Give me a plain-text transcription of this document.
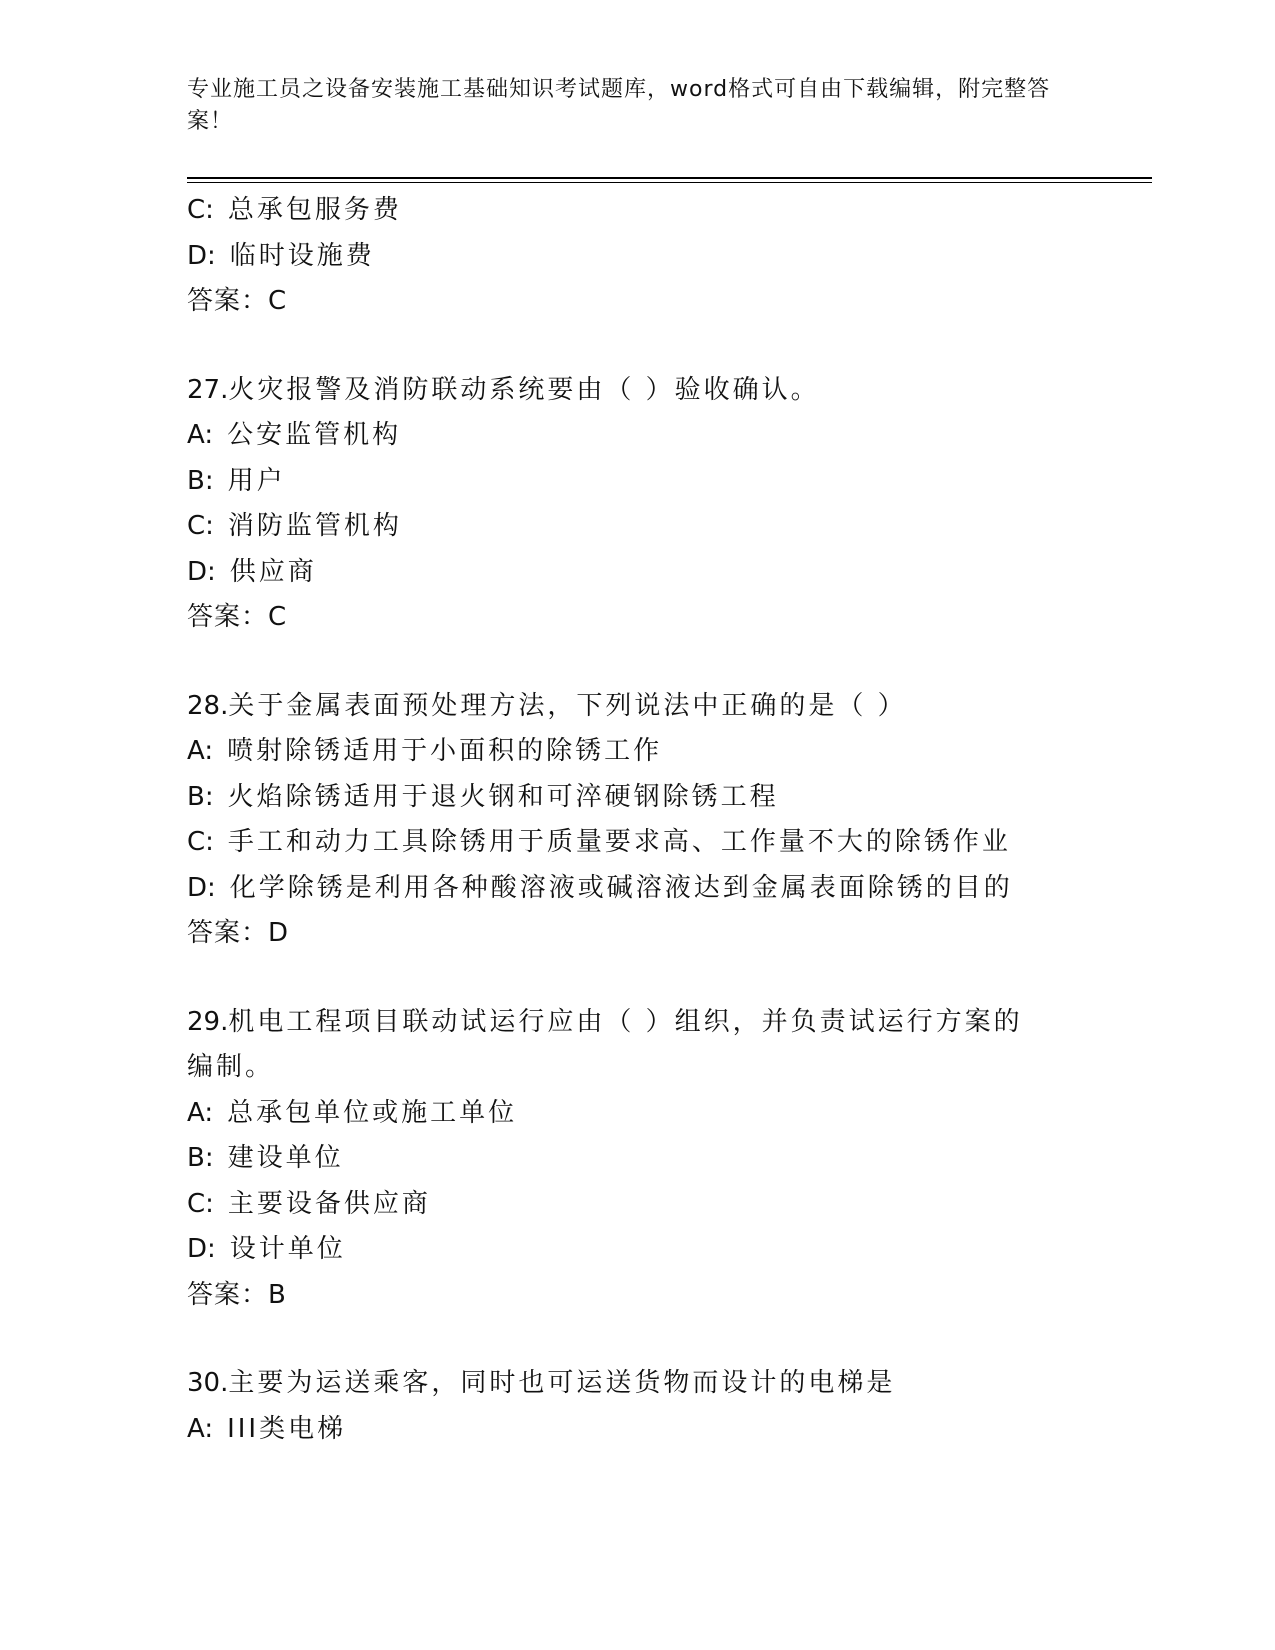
专业施工员之设备安装施工基础知识考试题库，word格式可自由下载编辑，附完整答案！
C: 总承包服务费
D: 临时设施费
答案：C
27.火灾报警及消防联动系统要由（ ）验收确认。
A: 公安监管机构
B: 用户
C: 消防监管机构
D: 供应商
答案：C
28.关于金属表面预处理方法，下列说法中正确的是（ ）
A: 喷射除锈适用于小面积的除锈工作
B: 火焰除锈适用于退火钢和可淬硬钢除锈工程
C: 手工和动力工具除锈用于质量要求高、工作量不大的除锈作业
D: 化学除锈是利用各种酸溶液或碱溶液达到金属表面除锈的目的
答案：D
29.机电工程项目联动试运行应由（ ）组织，并负责试运行方案的编制。
A: 总承包单位或施工单位
B: 建设单位
C: 主要设备供应商
D: 设计单位
答案：B
30.主要为运送乘客，同时也可运送货物而设计的电梯是
A: III类电梯
